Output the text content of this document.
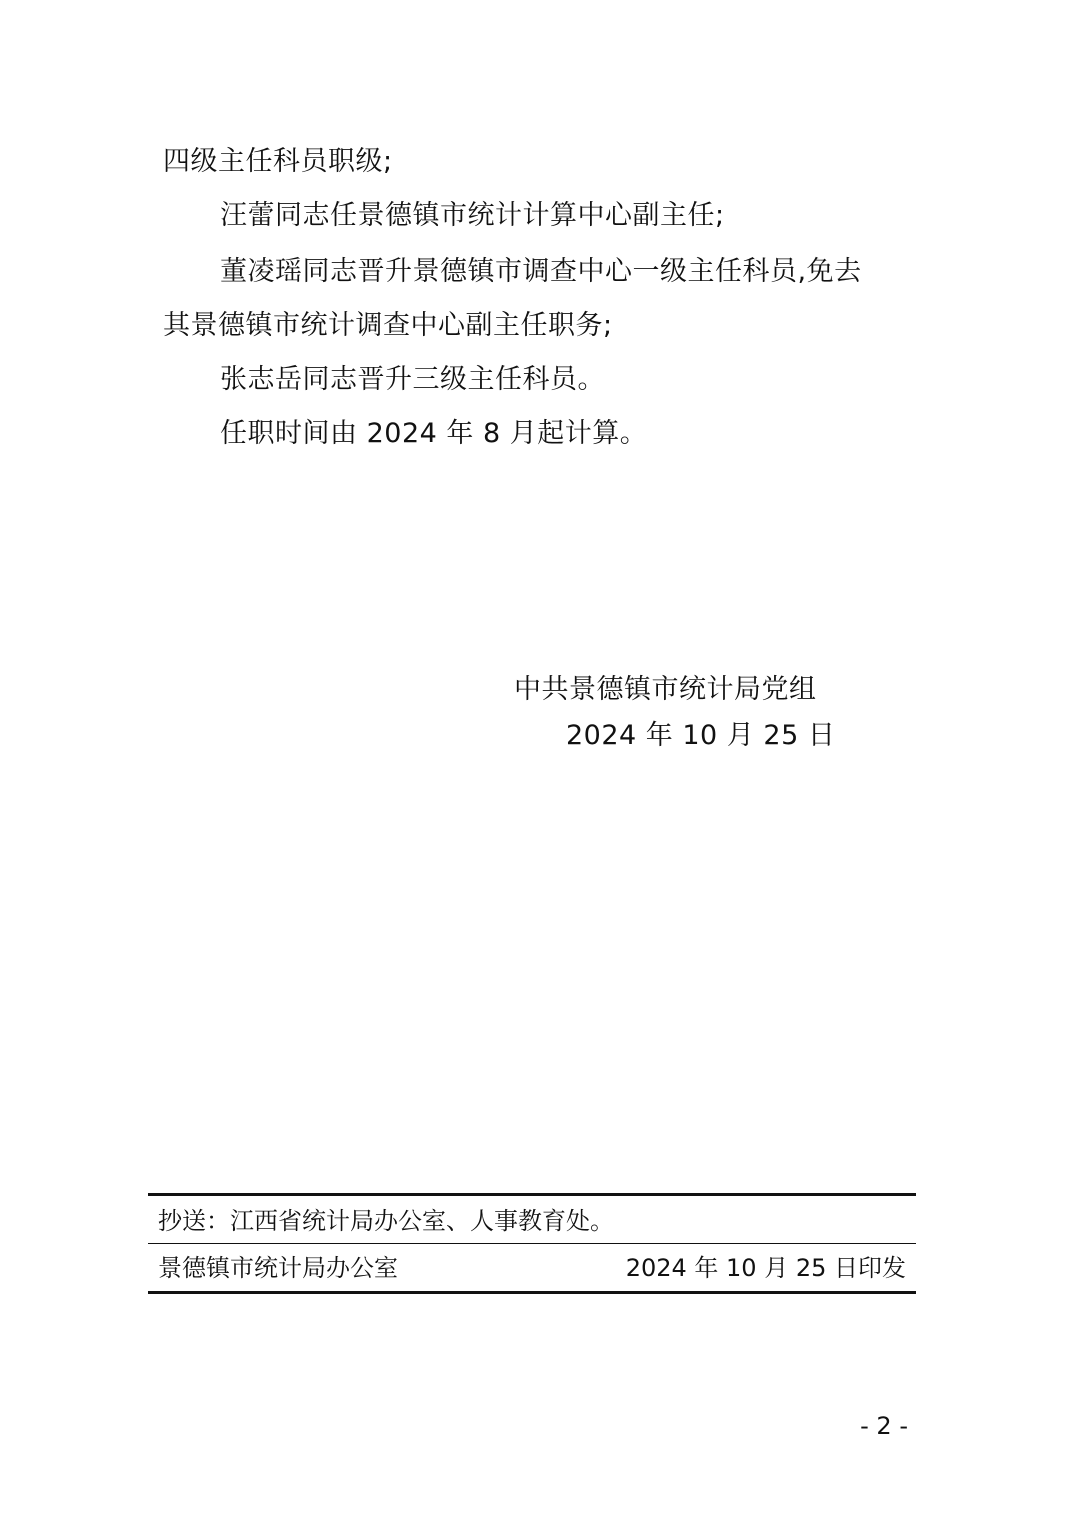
四级主任科员职级;
汪蕾同志任景德镇市统计计算中心副主任;
董凌瑶同志晋升景德镇市调查中心一级主任科员,免去
其景德镇市统计调查中心副主任职务;
张志岳同志晋升三级主任科员。
任职时间由 2024 年 8 月起计算。
中共景德镇市统计局党组
2024 年 10 月 25 日
抄送：江西省统计局办公室、人事教育处。
景德镇市统计局办公室	2024 年 10 月 25 日印发
- 2 -
